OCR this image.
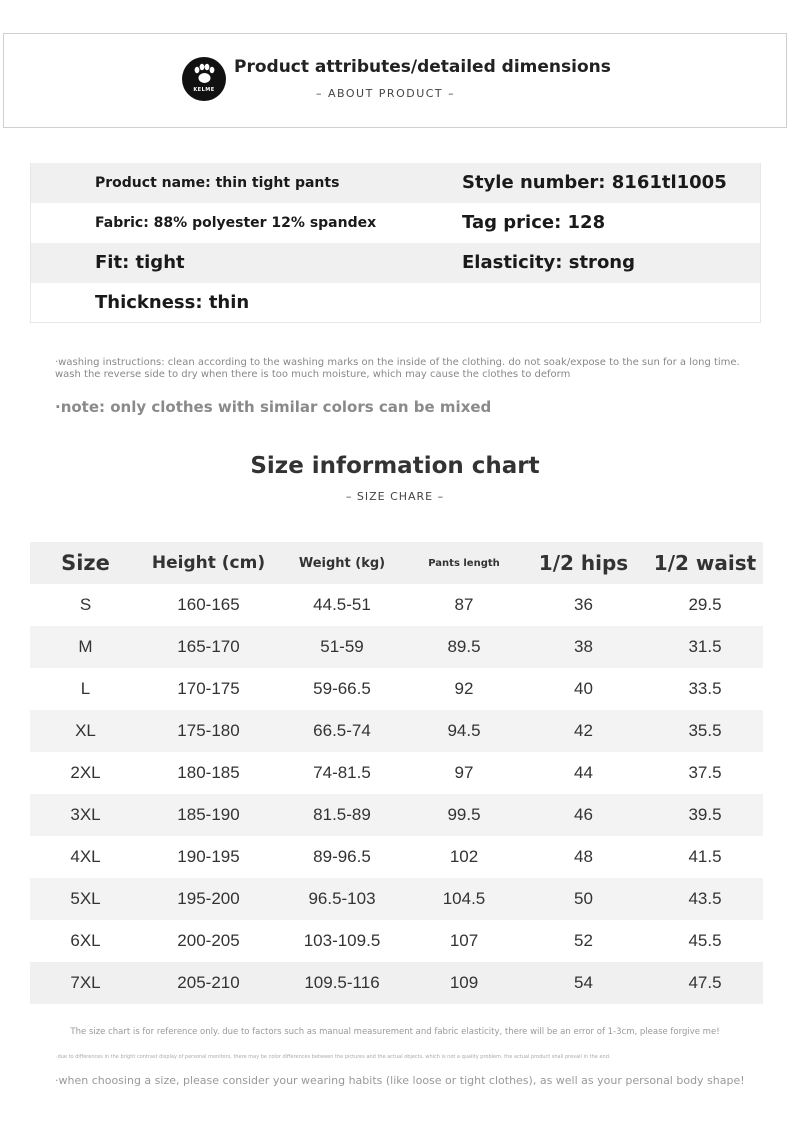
KELME
Product attributes/detailed dimensions
– ABOUT PRODUCT –
Product name: thin tight pants	Style number: 8161tl1005
Fabric: 88% polyester 12% spandex	Tag price: 128
Fit: tight	Elasticity: strong
Thickness: thin
·washing instructions: clean according to the washing marks on the inside of the clothing. do not soak/expose to the sun for a long time. wash the reverse side to dry when there is too much moisture, which may cause the clothes to deform
·note: only clothes with similar colors can be mixed
Size information chart
– SIZE CHARE –
Size	Height (cm)	Weight (kg)	Pants length	1/2 hips	1/2 waist
S	160-165	44.5-51	87	36	29.5
M	165-170	51-59	89.5	38	31.5
L	170-175	59-66.5	92	40	33.5
XL	175-180	66.5-74	94.5	42	35.5
2XL	180-185	74-81.5	97	44	37.5
3XL	185-190	81.5-89	99.5	46	39.5
4XL	190-195	89-96.5	102	48	41.5
5XL	195-200	96.5-103	104.5	50	43.5
6XL	200-205	103-109.5	107	52	45.5
7XL	205-210	109.5-116	109	54	47.5
The size chart is for reference only. due to factors such as manual measurement and fabric elasticity, there will be an error of 1-3cm, please forgive me!
·due to differences in the bright contrast display of personal monitors, there may be color differences between the pictures and the actual objects, which is not a quality problem. the actual product shall prevail in the end.
·when choosing a size, please consider your wearing habits (like loose or tight clothes), as well as your personal body shape!
